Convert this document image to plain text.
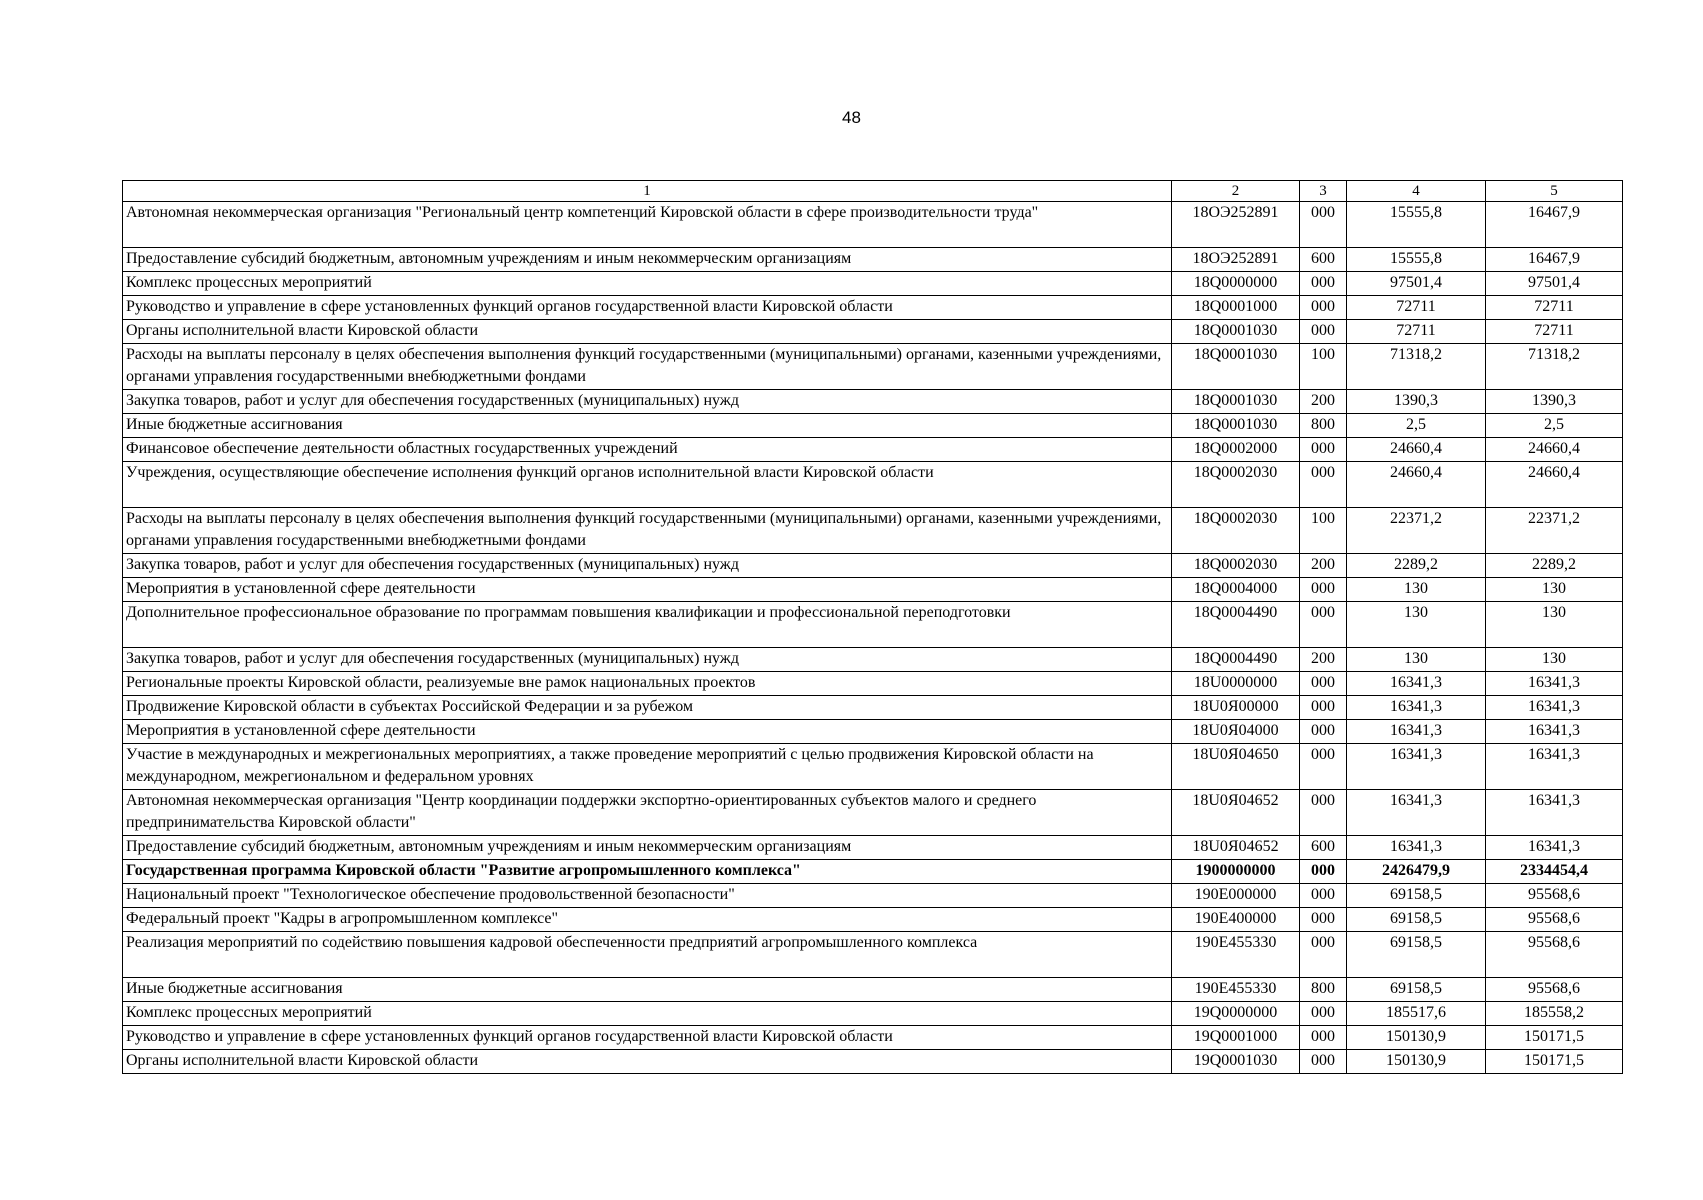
48
1	2	3	4	5
Автономная некоммерческая организация "Региональный центр компетенций Кировской области в сфере производительности труда"	18ОЭ252891	000	15555,8	16467,9
Предоставление субсидий бюджетным, автономным учреждениям и иным некоммерческим организациям	18ОЭ252891	600	15555,8	16467,9
Комплекс процессных мероприятий	18Q0000000	000	97501,4	97501,4
Руководство и управление в сфере установленных функций органов государственной власти Кировской области	18Q0001000	000	72711	72711
Органы исполнительной власти Кировской области	18Q0001030	000	72711	72711
Расходы на выплаты персоналу в целях обеспечения выполнения функций государственными (муниципальными) органами, казенными учреждениями, органами управления государственными внебюджетными фондами	18Q0001030	100	71318,2	71318,2
Закупка товаров, работ и услуг для обеспечения государственных (муниципальных) нужд	18Q0001030	200	1390,3	1390,3
Иные бюджетные ассигнования	18Q0001030	800	2,5	2,5
Финансовое обеспечение деятельности областных государственных учреждений	18Q0002000	000	24660,4	24660,4
Учреждения, осуществляющие обеспечение исполнения функций органов исполнительной власти Кировской области	18Q0002030	000	24660,4	24660,4
Расходы на выплаты персоналу в целях обеспечения выполнения функций государственными (муниципальными) органами, казенными учреждениями, органами управления государственными внебюджетными фондами	18Q0002030	100	22371,2	22371,2
Закупка товаров, работ и услуг для обеспечения государственных (муниципальных) нужд	18Q0002030	200	2289,2	2289,2
Мероприятия в установленной сфере деятельности	18Q0004000	000	130	130
Дополнительное профессиональное образование по программам повышения квалификации и профессиональной переподготовки	18Q0004490	000	130	130
Закупка товаров, работ и услуг для обеспечения государственных (муниципальных) нужд	18Q0004490	200	130	130
Региональные проекты Кировской области, реализуемые вне рамок национальных проектов	18U0000000	000	16341,3	16341,3
Продвижение Кировской области в субъектах Российской Федерации и за рубежом	18U0Я00000	000	16341,3	16341,3
Мероприятия в установленной сфере деятельности	18U0Я04000	000	16341,3	16341,3
Участие в международных и межрегиональных мероприятиях, а также проведение мероприятий с целью продвижения Кировской области на международном, межрегиональном и федеральном уровнях	18U0Я04650	000	16341,3	16341,3
Автономная некоммерческая организация "Центр координации поддержки экспортно-ориентированных субъектов малого и среднего предпринимательства Кировской области"	18U0Я04652	000	16341,3	16341,3
Предоставление субсидий бюджетным, автономным учреждениям и иным некоммерческим организациям	18U0Я04652	600	16341,3	16341,3
Государственная программа Кировской области "Развитие агропромышленного комплекса"	1900000000	000	2426479,9	2334454,4
Национальный проект "Технологическое обеспечение продовольственной безопасности"	190Е000000	000	69158,5	95568,6
Федеральный проект "Кадры в агропромышленном комплексе"	190Е400000	000	69158,5	95568,6
Реализация мероприятий по содействию повышения кадровой обеспеченности предприятий агропромышленного комплекса	190Е455330	000	69158,5	95568,6
Иные бюджетные ассигнования	190Е455330	800	69158,5	95568,6
Комплекс процессных мероприятий	19Q0000000	000	185517,6	185558,2
Руководство и управление в сфере установленных функций органов государственной власти Кировской области	19Q0001000	000	150130,9	150171,5
Органы исполнительной власти Кировской области	19Q0001030	000	150130,9	150171,5
